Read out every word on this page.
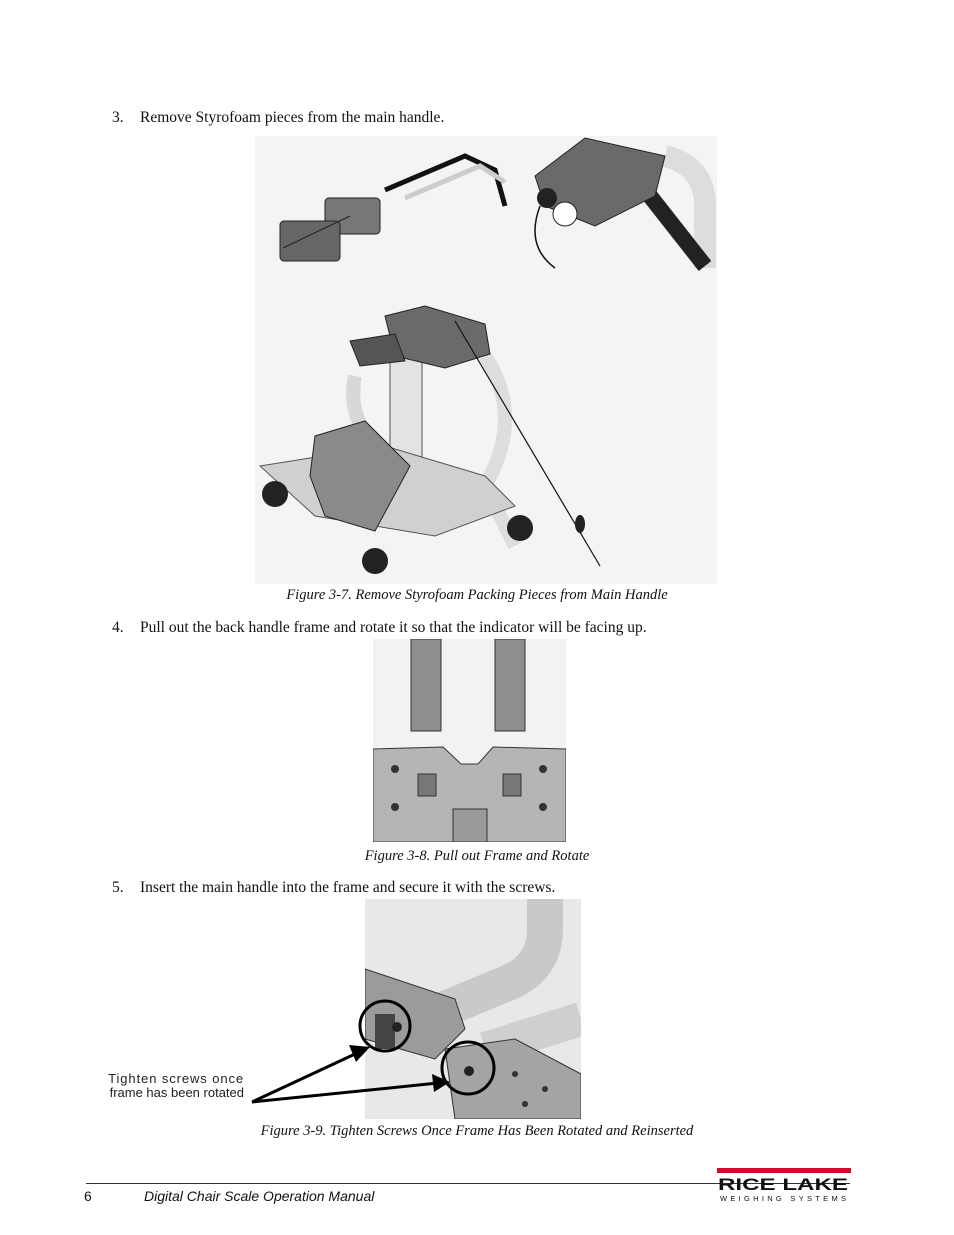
3. Remove Styrofoam pieces from the main handle.
Figure 3-7. Remove Styrofoam Packing Pieces from Main Handle
4. Pull out the back handle frame and rotate it so that the indicator will be facing up.
Figure 3-8. Pull out Frame and Rotate
5. Insert the main handle into the frame and secure it with the screws.
Tighten screws once
frame has been rotated
Figure 3-9. Tighten Screws Once Frame Has Been Rotated and Reinserted
6	Digital Chair Scale Operation Manual
RICE LAKE
WEIGHING SYSTEMS
